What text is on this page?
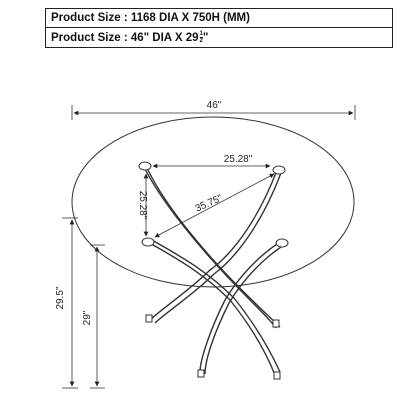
Product Size : 1168 DIA X 750H (MM)
Product Size : 46" DIA X $29 \frac{1}{2}$ "
46"
25.28"
35.75"
25.28"
29.5"
29"
